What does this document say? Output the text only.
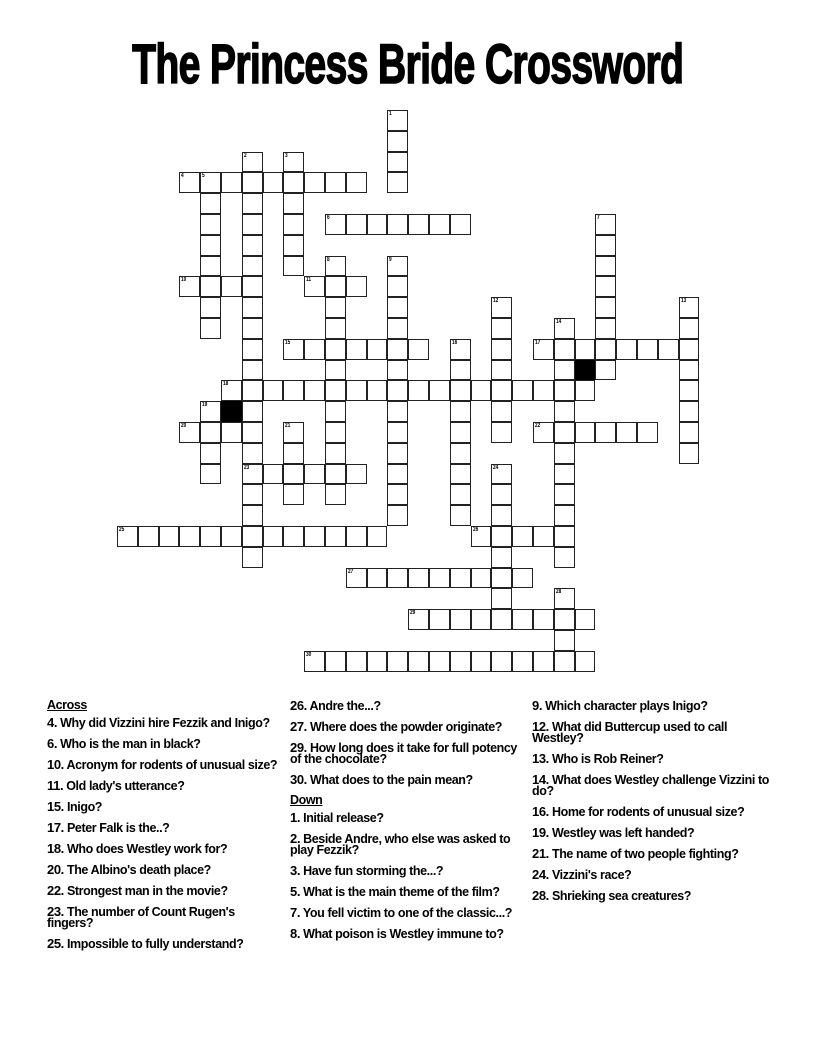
The Princess Bride Crossword
1
2
23
3
4	5
6	7
8	9
10	11
12	13
14
15	16	17
18
19
20	21	22
24
25	26
27
28
29
30
Across
4. Why did Vizzini hire Fezzik and Inigo?
6. Who is the man in black?
10. Acronym for rodents of unusual size?
11. Old lady's utterance?
15. Inigo?
17. Peter Falk is the..?
18. Who does Westley work for?
20. The Albino's death place?
22. Strongest man in the movie?
23. The number of Count Rugen's fingers?
25. Impossible to fully understand?
26. Andre the...?
27. Where does the powder originate?
29. How long does it take for full potency of the chocolate?
30. What does to the pain mean?
Down
1. Initial release?
2. Beside Andre, who else was asked to play Fezzik?
3. Have fun storming the...?
5. What is the main theme of the film?
7. You fell victim to one of the classic...?
8. What poison is Westley immune to?
9. Which character plays Inigo?
12. What did Buttercup used to call Westley?
13. Who is Rob Reiner?
14. What does Westley challenge Vizzini to do?
16. Home for rodents of unusual size?
19. Westley was left handed?
21. The name of two people fighting?
24. Vizzini's race?
28. Shrieking sea creatures?
